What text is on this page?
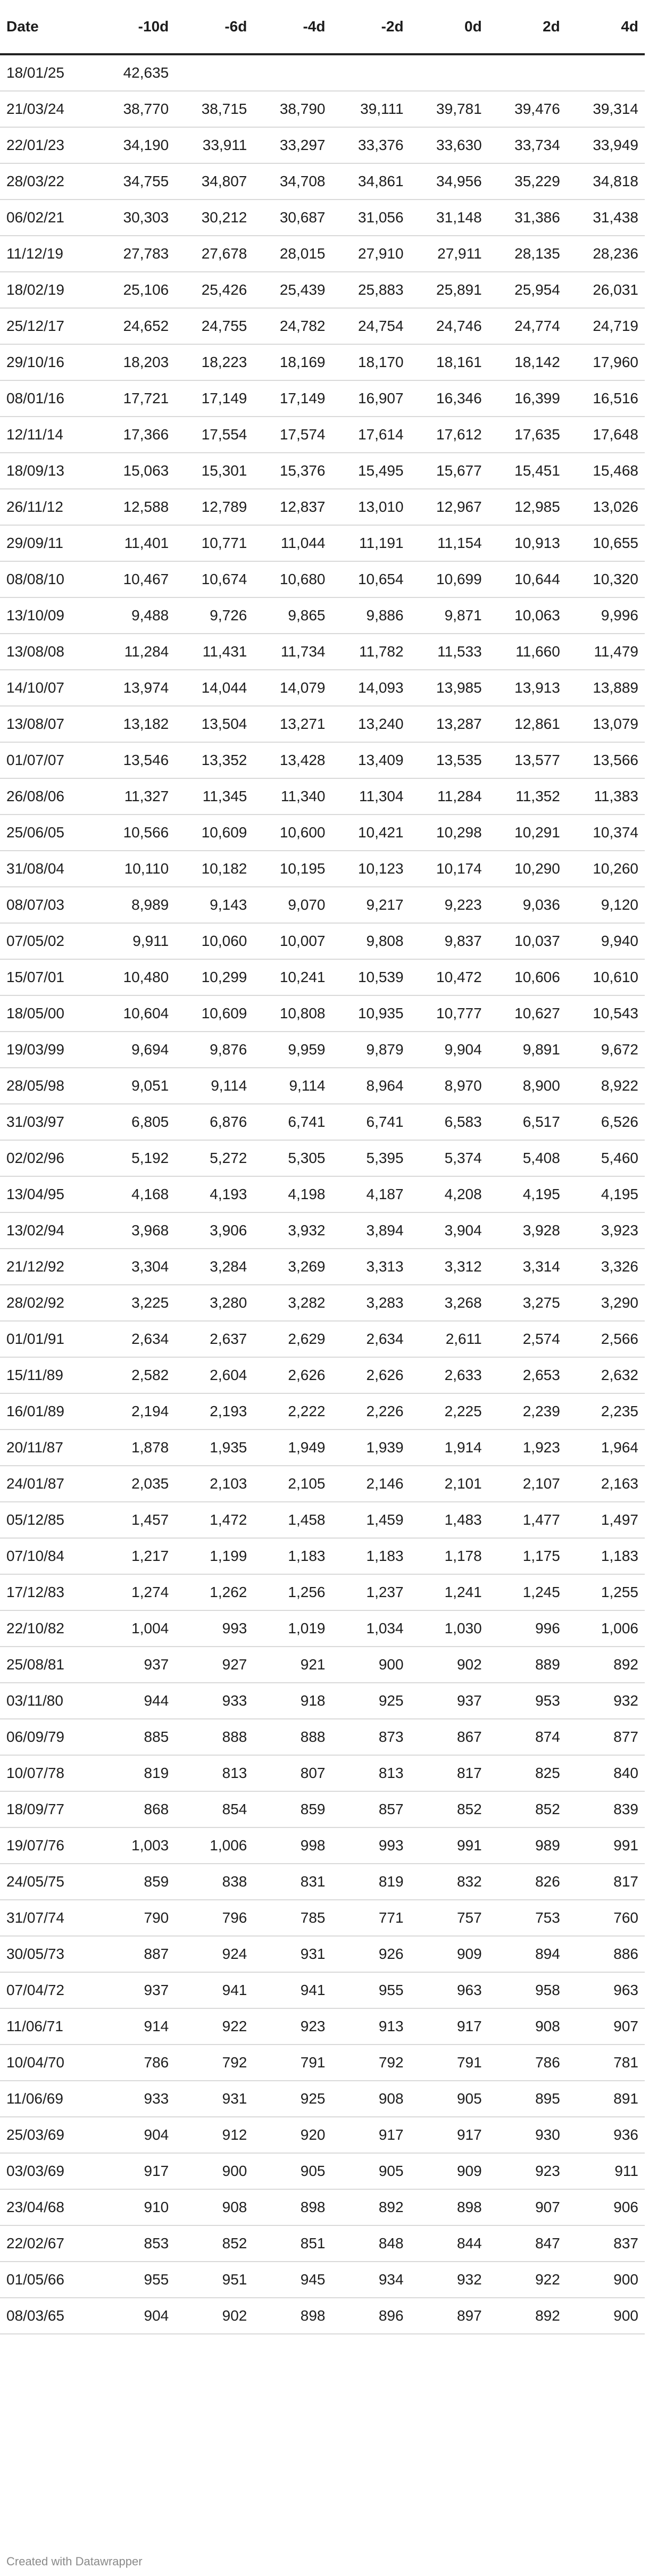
Date	-10d	-6d	-4d	-2d	0d	2d	4d
18/01/25	42,635						
21/03/24	38,770	38,715	38,790	39,111	39,781	39,476	39,314
22/01/23	34,190	33,911	33,297	33,376	33,630	33,734	33,949
28/03/22	34,755	34,807	34,708	34,861	34,956	35,229	34,818
06/02/21	30,303	30,212	30,687	31,056	31,148	31,386	31,438
11/12/19	27,783	27,678	28,015	27,910	27,911	28,135	28,236
18/02/19	25,106	25,426	25,439	25,883	25,891	25,954	26,031
25/12/17	24,652	24,755	24,782	24,754	24,746	24,774	24,719
29/10/16	18,203	18,223	18,169	18,170	18,161	18,142	17,960
08/01/16	17,721	17,149	17,149	16,907	16,346	16,399	16,516
12/11/14	17,366	17,554	17,574	17,614	17,612	17,635	17,648
18/09/13	15,063	15,301	15,376	15,495	15,677	15,451	15,468
26/11/12	12,588	12,789	12,837	13,010	12,967	12,985	13,026
29/09/11	11,401	10,771	11,044	11,191	11,154	10,913	10,655
08/08/10	10,467	10,674	10,680	10,654	10,699	10,644	10,320
13/10/09	9,488	9,726	9,865	9,886	9,871	10,063	9,996
13/08/08	11,284	11,431	11,734	11,782	11,533	11,660	11,479
14/10/07	13,974	14,044	14,079	14,093	13,985	13,913	13,889
13/08/07	13,182	13,504	13,271	13,240	13,287	12,861	13,079
01/07/07	13,546	13,352	13,428	13,409	13,535	13,577	13,566
26/08/06	11,327	11,345	11,340	11,304	11,284	11,352	11,383
25/06/05	10,566	10,609	10,600	10,421	10,298	10,291	10,374
31/08/04	10,110	10,182	10,195	10,123	10,174	10,290	10,260
08/07/03	8,989	9,143	9,070	9,217	9,223	9,036	9,120
07/05/02	9,911	10,060	10,007	9,808	9,837	10,037	9,940
15/07/01	10,480	10,299	10,241	10,539	10,472	10,606	10,610
18/05/00	10,604	10,609	10,808	10,935	10,777	10,627	10,543
19/03/99	9,694	9,876	9,959	9,879	9,904	9,891	9,672
28/05/98	9,051	9,114	9,114	8,964	8,970	8,900	8,922
31/03/97	6,805	6,876	6,741	6,741	6,583	6,517	6,526
02/02/96	5,192	5,272	5,305	5,395	5,374	5,408	5,460
13/04/95	4,168	4,193	4,198	4,187	4,208	4,195	4,195
13/02/94	3,968	3,906	3,932	3,894	3,904	3,928	3,923
21/12/92	3,304	3,284	3,269	3,313	3,312	3,314	3,326
28/02/92	3,225	3,280	3,282	3,283	3,268	3,275	3,290
01/01/91	2,634	2,637	2,629	2,634	2,611	2,574	2,566
15/11/89	2,582	2,604	2,626	2,626	2,633	2,653	2,632
16/01/89	2,194	2,193	2,222	2,226	2,225	2,239	2,235
20/11/87	1,878	1,935	1,949	1,939	1,914	1,923	1,964
24/01/87	2,035	2,103	2,105	2,146	2,101	2,107	2,163
05/12/85	1,457	1,472	1,458	1,459	1,483	1,477	1,497
07/10/84	1,217	1,199	1,183	1,183	1,178	1,175	1,183
17/12/83	1,274	1,262	1,256	1,237	1,241	1,245	1,255
22/10/82	1,004	993	1,019	1,034	1,030	996	1,006
25/08/81	937	927	921	900	902	889	892
03/11/80	944	933	918	925	937	953	932
06/09/79	885	888	888	873	867	874	877
10/07/78	819	813	807	813	817	825	840
18/09/77	868	854	859	857	852	852	839
19/07/76	1,003	1,006	998	993	991	989	991
24/05/75	859	838	831	819	832	826	817
31/07/74	790	796	785	771	757	753	760
30/05/73	887	924	931	926	909	894	886
07/04/72	937	941	941	955	963	958	963
11/06/71	914	922	923	913	917	908	907
10/04/70	786	792	791	792	791	786	781
11/06/69	933	931	925	908	905	895	891
25/03/69	904	912	920	917	917	930	936
03/03/69	917	900	905	905	909	923	911
23/04/68	910	908	898	892	898	907	906
22/02/67	853	852	851	848	844	847	837
01/05/66	955	951	945	934	932	922	900
08/03/65	904	902	898	896	897	892	900
Created with Datawrapper
